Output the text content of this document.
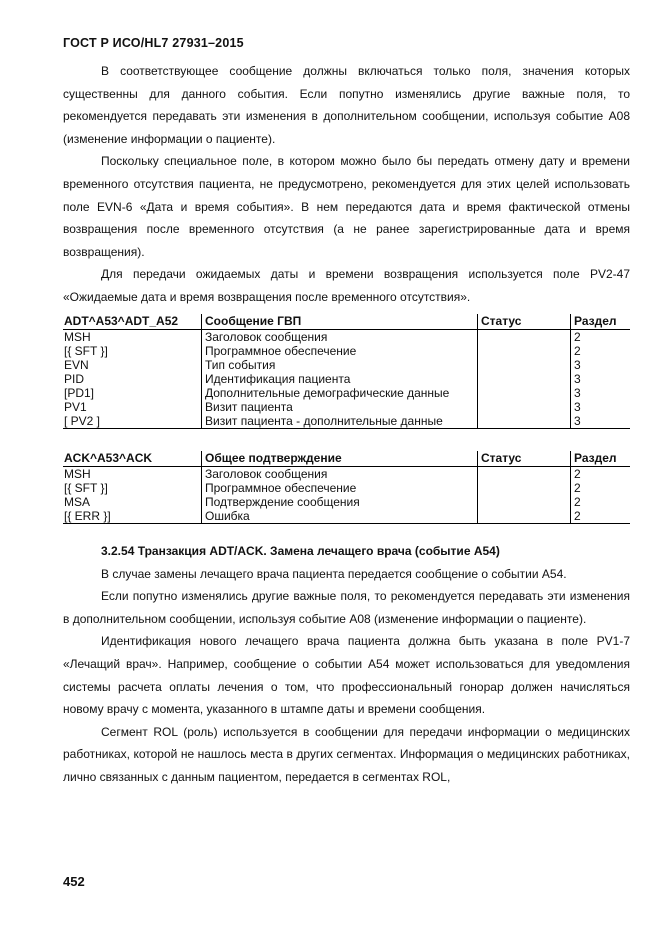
ГОСТ Р ИСО/HL7 27931–2015

В соответствующее сообщение должны включаться только поля, значения которых существенны для данного события. Если попутно изменялись другие важные поля, то рекомендуется передавать эти изменения в дополнительном сообщении, используя событие А08 (изменение информации о пациенте).

Поскольку специальное поле, в котором можно было бы передать отмену дату и времени временного отсутствия пациента, не предусмотрено, рекомендуется для этих целей использовать поле EVN-6 «Дата и время события». В нем передаются дата и время фактической отмены возвращения после временного отсутствия (а не ранее зарегистрированные дата и время возвращения).

Для передачи ожидаемых даты и времени возвращения используется поле PV2-47 «Ожидаемые дата и время возвращения после временного отсутствия».

ADT^A53^ADT_A52	Сообщение ГВП	Статус	Раздел
MSH	Заголовок сообщения		2
[{ SFT }]	Программное обеспечение		2
EVN	Тип события		3
PID	Идентификация пациента		3
[PD1]	Дополнительные демографические данные		3
PV1	Визит пациента		3
[ PV2 ]	Визит пациента - дополнительные данные		3
ACK^A53^ACK	Общее подтверждение	Статус	Раздел
MSH	Заголовок сообщения		2
[{ SFT }]	Программное обеспечение		2
MSA	Подтверждение сообщения		2
[{ ERR }]	Ошибка		2
3.2.54 Транзакция ADT/ACK. Замена лечащего врача (событие А54)

В случае замены лечащего врача пациента передается сообщение о событии А54.

Если попутно изменялись другие важные поля, то рекомендуется передавать эти изменения в дополнительном сообщении, используя событие А08 (изменение информации о пациенте).

Идентификация нового лечащего врача пациента должна быть указана в поле PV1-7 «Лечащий врач». Например, сообщение о событии А54 может использоваться для уведомления системы расчета оплаты лечения о том, что профессиональный гонорар должен начисляться новому врачу с момента, указанного в штампе даты и времени сообщения.

Сегмент ROL (роль) используется в сообщении для передачи информации о медицинских работниках, которой не нашлось места в других сегментах. Информация о медицинских работниках, лично связанных с данным пациентом, передается в сегментах ROL,

452
